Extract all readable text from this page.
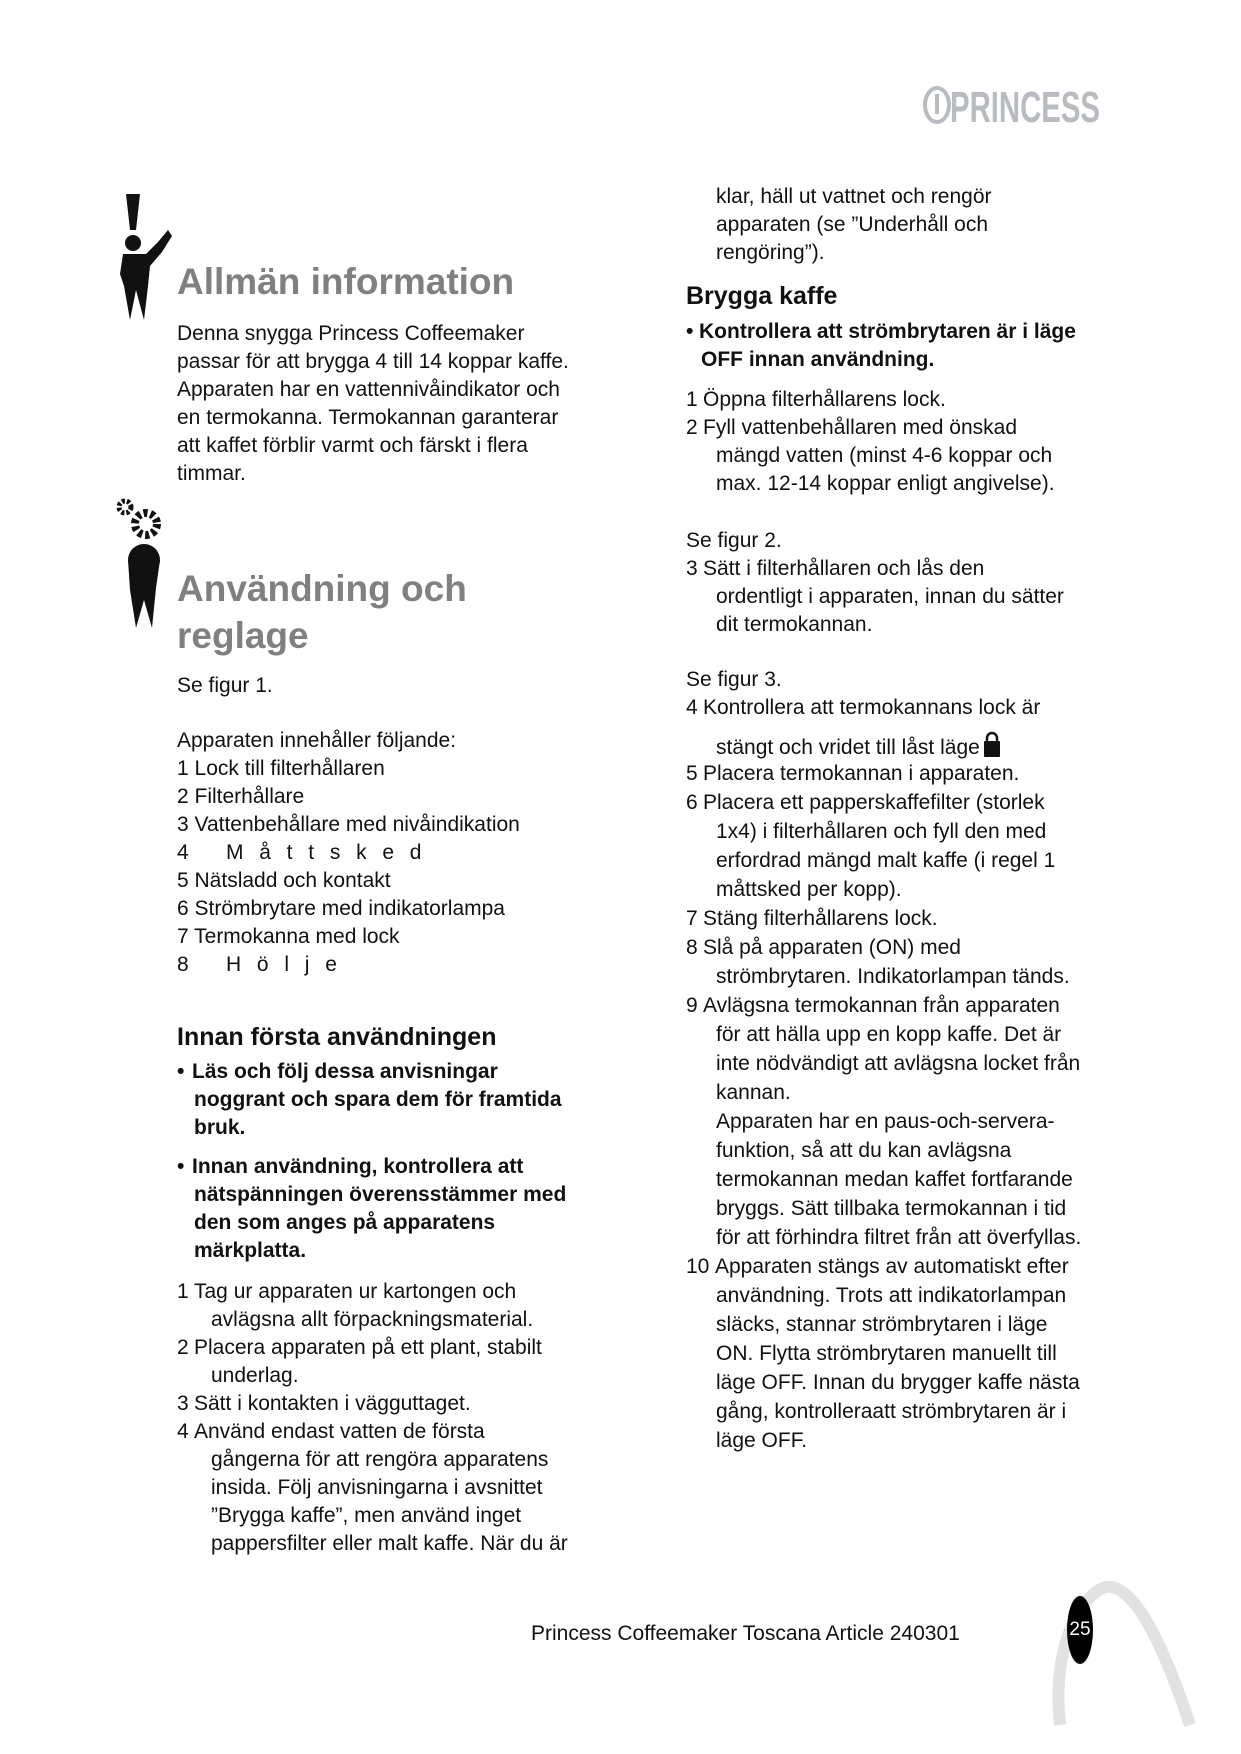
PRINCESS
Allmän information
Denna snygga Princess Coffeemaker
passar för att brygga 4 till 14 koppar kaffe.
Apparaten har en vattennivåindikator och
en termokanna. Termokannan garanterar
att kaffet förblir varmt och färskt i flera
timmar.
Användning och
reglage
Se figur 1.
Apparaten innehåller följande:
1 Lock till filterhållaren
2 Filterhållare
3 Vattenbehållare med nivåindikation
4 Måttsked
5 Nätsladd och kontakt
6 Strömbrytare med indikatorlampa
7 Termokanna med lock
8 Hölje
Innan första användningen
• Läs och följ dessa anvisningar
noggrant och spara dem för framtida
bruk.
• Innan användning, kontrollera att
nätspänningen överensstämmer med
den som anges på apparatens
märkplatta.
1 Tag ur apparaten ur kartongen och
avlägsna allt förpackningsmaterial.
2 Placera apparaten på ett plant, stabilt
underlag.
3 Sätt i kontakten i vägguttaget.
4 Använd endast vatten de första
gångerna för att rengöra apparatens
insida. Följ anvisningarna i avsnittet
”Brygga kaffe”, men använd inget
pappersfilter eller malt kaffe. När du är
klar, häll ut vattnet och rengör
apparaten (se ”Underhåll och
rengöring”).
Brygga kaffe
• Kontrollera att strömbrytaren är i läge
OFF innan användning.
1 Öppna filterhållarens lock.
2 Fyll vattenbehållaren med önskad
mängd vatten (minst 4-6 koppar och
max. 12-14 koppar enligt angivelse).
Se figur 2.
3 Sätt i filterhållaren och lås den
ordentligt i apparaten, innan du sätter
dit termokannan.
Se figur 3.
4 Kontrollera att termokannans lock är
stängt och vridet till låst läge
5 Placera termokannan i apparaten.
6 Placera ett papperskaffefilter (storlek
1x4) i filterhållaren och fyll den med
erfordrad mängd malt kaffe (i regel 1
måttsked per kopp).
7 Stäng filterhållarens lock.
8 Slå på apparaten (ON) med
strömbrytaren. Indikatorlampan tänds.
9 Avlägsna termokannan från apparaten
för att hälla upp en kopp kaffe. Det är
inte nödvändigt att avlägsna locket från
kannan.
Apparaten har en paus-och-servera-
funktion, så att du kan avlägsna
termokannan medan kaffet fortfarande
bryggs. Sätt tillbaka termokannan i tid
för att förhindra filtret från att överfyllas.
10 Apparaten stängs av automatiskt efter
användning. Trots att indikatorlampan
släcks, stannar strömbrytaren i läge
ON. Flytta strömbrytaren manuellt till
läge OFF. Innan du brygger kaffe nästa
gång, kontrolleraatt strömbrytaren är i
läge OFF.
Princess Coffeemaker Toscana Article 240301	25
